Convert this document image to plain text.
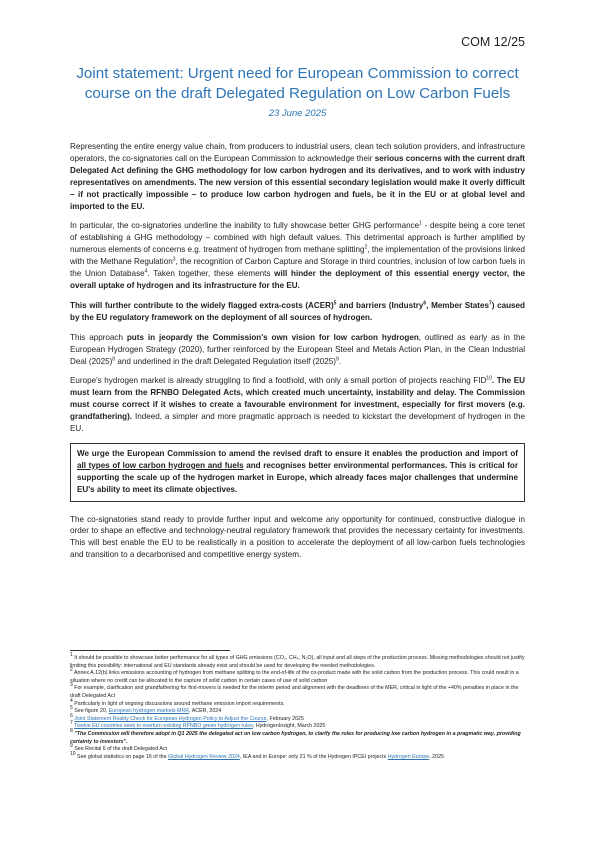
COM 12/25
Joint statement: Urgent need for European Commission to correct course on the draft Delegated Regulation on Low Carbon Fuels
23 June 2025

Representing the entire energy value chain, from producers to industrial users, clean tech solution providers, and infrastructure operators, the co-signatories call on the European Commission to acknowledge their serious concerns with the current draft Delegated Act defining the GHG methodology for low carbon hydrogen and its derivatives, and to work with industry representatives on amendments. The new version of this essential secondary legislation would make it overly difficult – if not practically impossible – to produce low carbon hydrogen and fuels, be it in the EU or at global level and imported to the EU.

In particular, the co-signatories underline the inability to fully showcase better GHG performance$^1$ - despite being a core tenet of establishing a GHG methodology – combined with high default values. This detrimental approach is further amplified by numerous elements of concerns e.g. treatment of hydrogen from methane splitting$^2$, the implementation of the provisions linked with the Methane Regulation$^3$, the recognition of Carbon Capture and Storage in third countries, inclusion of low carbon fuels in the Union Database$^4$. Taken together, these elements will hinder the deployment of this essential energy vector, the overall uptake of hydrogen and its infrastructure for the EU.

This will further contribute to the widely flagged extra-costs (ACER)$^5$ and barriers (Industry$^6$, Member States$^7$) caused by the EU regulatory framework on the deployment of all sources of hydrogen.

This approach puts in jeopardy the Commission's own vision for low carbon hydrogen, outlined as early as in the European Hydrogen Strategy (2020), further reinforced by the European Steel and Metals Action Plan, in the Clean Industrial Deal $(2025)^8$ and underlined in the draft Delegated Regulation itself $(2025)^9$.

Europe's hydrogen market is already struggling to find a foothold, with only a small portion of projects reaching FID$^{10}$. The EU must learn from the RFNBO Delegated Acts, which created much uncertainty, instability and delay. The Commission must course correct if it wishes to create a favourable environment for investment, especially for first movers (e.g. grandfathering). Indeed, a simpler and more pragmatic approach is needed to kickstart the development of hydrogen in the EU.

We urge the European Commission to amend the revised draft to ensure it enables the production and import of all types of low carbon hydrogen and fuels and recognises better environmental performances. This is critical for supporting the scale up of the hydrogen market in Europe, which already faces major challenges that undermine EU's ability to meet its climate objectives.

The co-signatories stand ready to provide further input and welcome any opportunity for continued, constructive dialogue in order to shape an effective and technology-neutral regulatory framework that provides the necessary certainty for investments. This will best enable the EU to be realistically in a position to accelerate the deployment of all low-carbon fuels technologies and transition to a decarbonised and competitive energy system.

$^1$ It should be possible to showcase better performance for all types of GHG emissions (CO₂, CH₄, N₂O), all input and all steps of the production process. Missing methodologies should not justify limiting this possibility: international and EU standards already exist and should be used for developing the needed methodologies.

$^2$ Annex A.12(b) links emissions accounting of hydrogen from methane splitting to the end-of-life of the co-product made with the solid carbon from the production process. This could result in a situation where no credit can be allocated to the capture of solid carbon in certain cases of use of solid carbon

$^3$ For example, clarification and grandfathering for first-movers is needed for the interim period and alignment with the deadlines of the MER, critical in light of the +40% penalties in place in the draft Delegated Act

$^4$ Particularly in light of ongoing discussions around methane emission import requirements.

$^5$ See figure 20, European hydrogen markets MRR, ACER, 2024

$^6$ Joint Statement Reality Check for European Hydrogen Policy to Adjust the Course, February 2025

$^7$ Twelve EU countries seek to overturn existing RFNBO green hydrogen rules, HydrogenInsight, March 2025

$^8$ "The Commission will therefore adopt in Q1 2025 the delegated act on low carbon hydrogen, to clarify the rules for producing low carbon hydrogen in a pragmatic way, providing certainty to investors".

$^9$ See Recital 6 of the draft Delegated Act

$^{10}$ See global statistics on page 16 of the Global Hydrogen Review 2024, IEA and in Europe: only 21 % of the Hydrogen IPCEI projects Hydrogen Europe, 2025
